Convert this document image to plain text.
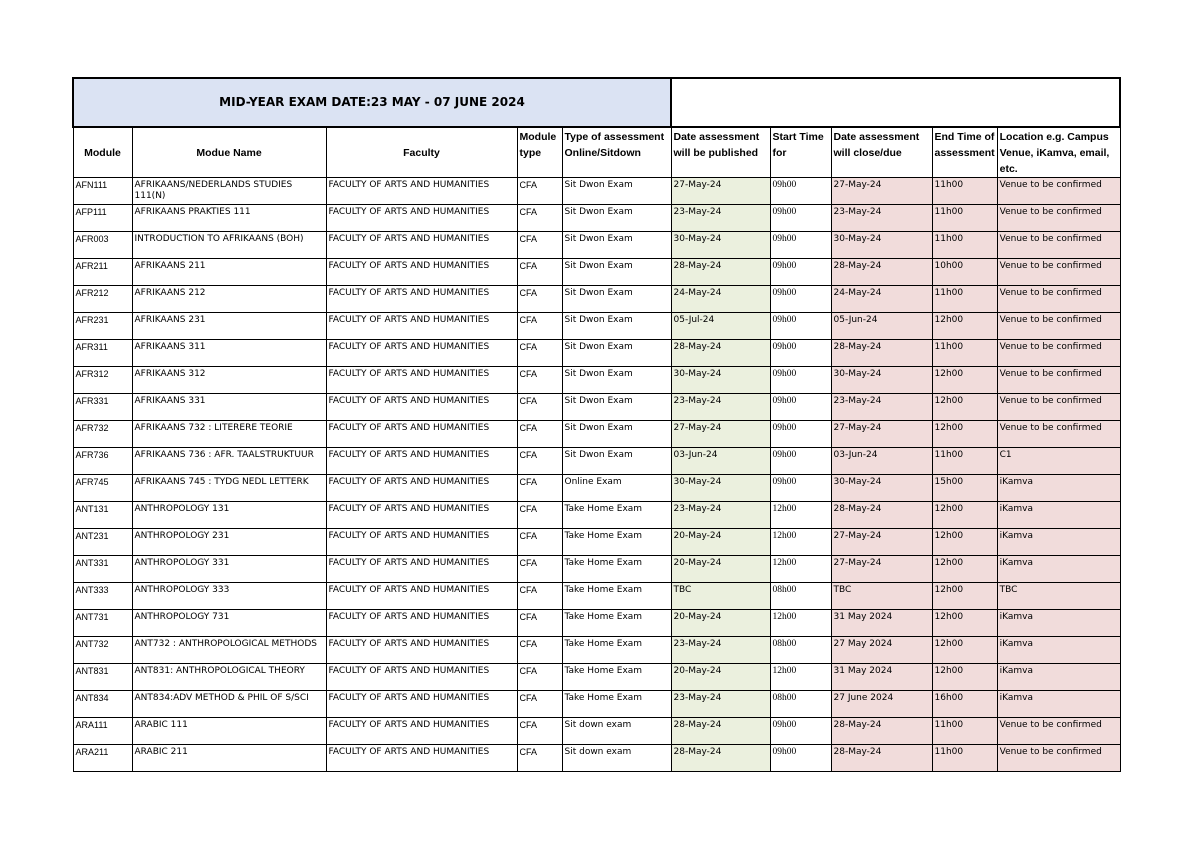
MID-YEAR EXAM DATE:23 MAY - 07 JUNE 2024									
Module	Modue Name	Faculty	Module type	Type of assessment Online/Sitdown	Date assessment will be published	Start Time for	Date assessment will close/due	End Time of assessment	Location e.g. Campus Venue, iKamva, email, etc.
AFN111	AFRIKAANS/NEDERLANDS STUDIES 111(N)	FACULTY OF ARTS AND HUMANITIES	CFA	Sit Dwon Exam	27-May-24	09h00	27-May-24	11h00	Venue to be confirmed
AFP111	AFRIKAANS PRAKTIES 111	FACULTY OF ARTS AND HUMANITIES	CFA	Sit Dwon Exam	23-May-24	09h00	23-May-24	11h00	Venue to be confirmed
AFR003	INTRODUCTION TO AFRIKAANS (BOH)	FACULTY OF ARTS AND HUMANITIES	CFA	Sit Dwon Exam	30-May-24	09h00	30-May-24	11h00	Venue to be confirmed
AFR211	AFRIKAANS 211	FACULTY OF ARTS AND HUMANITIES	CFA	Sit Dwon Exam	28-May-24	09h00	28-May-24	10h00	Venue to be confirmed
AFR212	AFRIKAANS 212	FACULTY OF ARTS AND HUMANITIES	CFA	Sit Dwon Exam	24-May-24	09h00	24-May-24	11h00	Venue to be confirmed
AFR231	AFRIKAANS 231	FACULTY OF ARTS AND HUMANITIES	CFA	Sit Dwon Exam	05-Jul-24	09h00	05-Jun-24	12h00	Venue to be confirmed
AFR311	AFRIKAANS 311	FACULTY OF ARTS AND HUMANITIES	CFA	Sit Dwon Exam	28-May-24	09h00	28-May-24	11h00	Venue to be confirmed
AFR312	AFRIKAANS 312	FACULTY OF ARTS AND HUMANITIES	CFA	Sit Dwon Exam	30-May-24	09h00	30-May-24	12h00	Venue to be confirmed
AFR331	AFRIKAANS 331	FACULTY OF ARTS AND HUMANITIES	CFA	Sit Dwon Exam	23-May-24	09h00	23-May-24	12h00	Venue to be confirmed
AFR732	AFRIKAANS 732 : LITERERE TEORIE	FACULTY OF ARTS AND HUMANITIES	CFA	Sit Dwon Exam	27-May-24	09h00	27-May-24	12h00	Venue to be confirmed
AFR736	AFRIKAANS 736 : AFR. TAALSTRUKTUUR	FACULTY OF ARTS AND HUMANITIES	CFA	Sit Dwon Exam	03-Jun-24	09h00	03-Jun-24	11h00	C1
AFR745	AFRIKAANS 745 : TYDG NEDL LETTERK	FACULTY OF ARTS AND HUMANITIES	CFA	Online Exam	30-May-24	09h00	30-May-24	15h00	iKamva
ANT131	ANTHROPOLOGY 131	FACULTY OF ARTS AND HUMANITIES	CFA	Take Home Exam	23-May-24	12h00	28-May-24	12h00	iKamva
ANT231	ANTHROPOLOGY 231	FACULTY OF ARTS AND HUMANITIES	CFA	Take Home Exam	20-May-24	12h00	27-May-24	12h00	iKamva
ANT331	ANTHROPOLOGY 331	FACULTY OF ARTS AND HUMANITIES	CFA	Take Home Exam	20-May-24	12h00	27-May-24	12h00	iKamva
ANT333	ANTHROPOLOGY 333	FACULTY OF ARTS AND HUMANITIES	CFA	Take Home Exam	TBC	08h00	TBC	12h00	TBC
ANT731	ANTHROPOLOGY 731	FACULTY OF ARTS AND HUMANITIES	CFA	Take Home Exam	20-May-24	12h00	31 May 2024	12h00	iKamva
ANT732	ANT732 : ANTHROPOLOGICAL METHODS	FACULTY OF ARTS AND HUMANITIES	CFA	Take Home Exam	23-May-24	08h00	27 May 2024	12h00	iKamva
ANT831	ANT831: ANTHROPOLOGICAL THEORY	FACULTY OF ARTS AND HUMANITIES	CFA	Take Home Exam	20-May-24	12h00	31 May 2024	12h00	iKamva
ANT834	ANT834:ADV METHOD & PHIL OF S/SCI	FACULTY OF ARTS AND HUMANITIES	CFA	Take Home Exam	23-May-24	08h00	27 June 2024	16h00	iKamva
ARA111	ARABIC 111	FACULTY OF ARTS AND HUMANITIES	CFA	Sit down exam	28-May-24	09h00	28-May-24	11h00	Venue to be confirmed
ARA211	ARABIC 211	FACULTY OF ARTS AND HUMANITIES	CFA	Sit down exam	28-May-24	09h00	28-May-24	11h00	Venue to be confirmed
